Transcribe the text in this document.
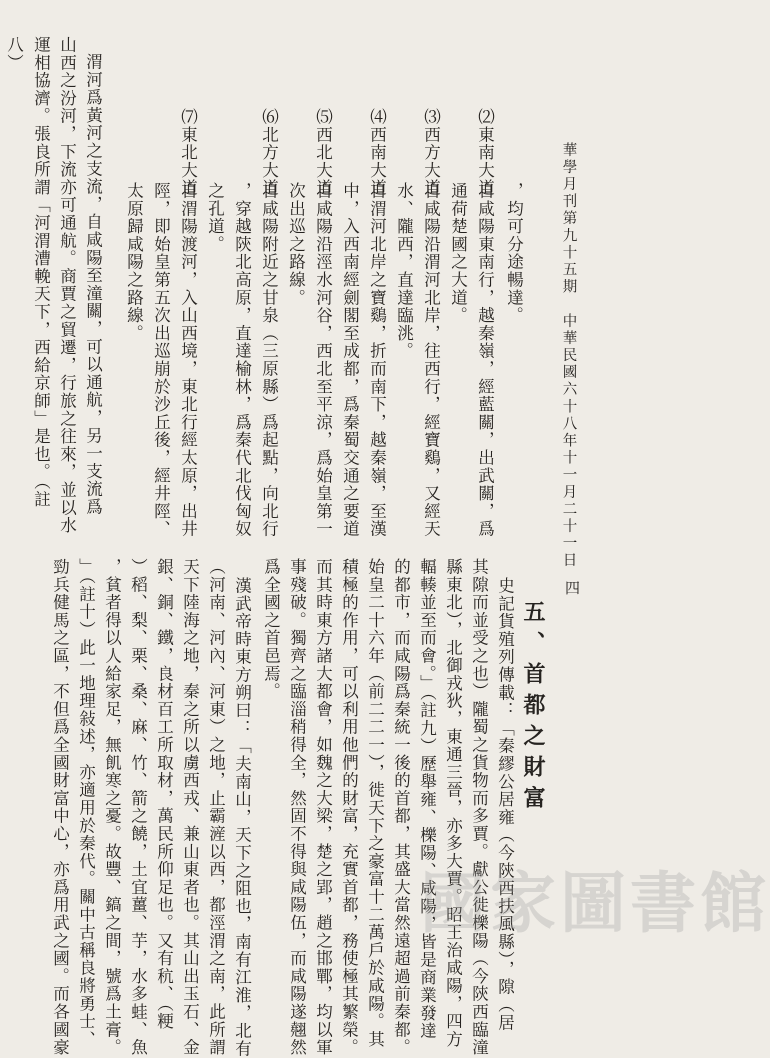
華學月刊第九十五期　中華民國六十八年十一月二十一日
四
五、首都之財富
，均可分途暢達。
⑵東南大道
自咸陽東南行，越秦嶺，經藍關，出武關，爲
通荷楚國之大道。
⑶西方大道
自咸陽沿渭河北岸，往西行，經寶鷄，又經天
水、隴西，直達臨洮。
⑷西南大道
自渭河北岸之寶鷄，折而南下，越秦嶺，至漢
中，入西南經劍閣至成都，爲秦蜀交通之要道
⑸西北大道
自咸陽沿涇水河谷，西北至平涼，爲始皇第一
次出巡之路線。
⑹北方大道
自咸陽附近之甘泉（三原縣）爲起點，向北行
，穿越陝北高原，直達榆林，爲秦代北伐匈奴
之孔道。
⑺東北大道
自渭陽渡河，入山西境，東北行經太原，出井
陘，即始皇第五次出巡崩於沙丘後，經井陘、
太原歸咸陽之路線。
渭河爲黃河之支流，自咸陽至潼關，可以通航，另一支流爲
山西之汾河，下流亦可通航。商賈之貿遷，行旅之往來，並以水
運相協濟。張良所謂「河渭漕輓天下，西給京師」是也。（註
八）
史記貨殖列傳載：「秦繆公居雍（今陝西扶風縣），隙（居
其隙而並受之也）隴蜀之貨物而多賈。獻公徙櫟陽（今陝西臨潼
縣東北），北御戎狄，東通三晉，亦多大賈。昭王治咸陽，四方
輻輳並至而會。」（註九）歷舉雍、櫟陽、咸陽，皆是商業發達
的都市，而咸陽爲秦統一後的首都，其盛大當然遠超過前秦都。
始皇二十六年（前二二一），徙天下之豪富十二萬戶於咸陽。其
積極的作用，可以利用他們的財富，充實首都，務使極其繁榮。
而其時東方諸大都會，如魏之大梁，楚之郢，趙之邯鄲，均以軍
事殘破。獨齊之臨淄稍得全，然固不得與咸陽伍，而咸陽遂翹然
爲全國之首邑焉。
漢武帝時東方朔曰：「夫南山，天下之阻也，南有江淮，北有
（河南、河內、河東）之地，止霸滻以西，都涇渭之南，此所謂
天下陸海之地，秦之所以虜西戎、兼山東者也。其山出玉石、金
銀、銅、鐵，良材百工所取材，萬民所仰足也。又有秔、（粳
）稻、梨、栗、桑、麻、竹、箭之饒，土宜薑、芋，水多蛙、魚
，貧者得以人給家足，無飢寒之憂。故豐、鎬之間，號爲土膏。
」（註十）此一地理敍述，亦適用於秦代。關中古稱良將勇士、
勁兵健馬之區，不但爲全國財富中心，亦爲用武之國。而各國豪	國家圖書館
